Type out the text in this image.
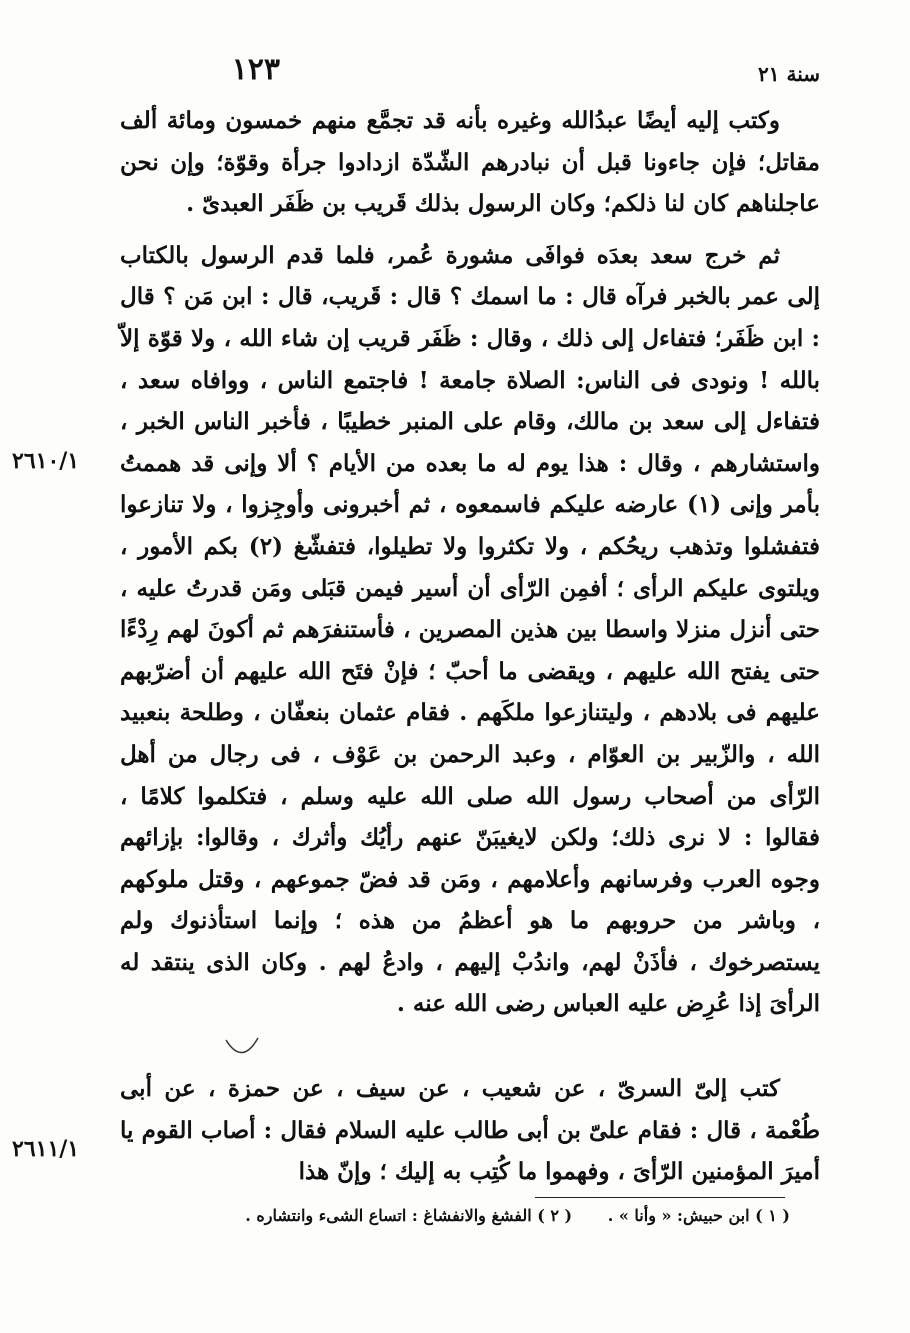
سنة ٢١
١٢٣

وكتب إليه أيضًا عبدُالله وغيره بأنه قد تجمَّع منهم خمسون ومائة ألف مقاتل؛ فإن جاءونا قبل أن نبادرهم الشّدّة ازدادوا جرأة وقوّة؛ وإن نحن عاجلناهم كان لنا ذلكم؛ وكان الرسول بذلك قَريب بن ظَفَر العبدىّ .

ثم خرج سعد بعدَه فوافَى مشورة عُمر، فلما قدم الرسول بالكتاب إلى عمر بالخبر فرآه قال : ما اسمك ؟ قال : قَريب، قال : ابن مَن ؟ قال : ابن ظَفَر؛ فتفاءل إلى ذلك ، وقال : ظَفَر قريب إن شاء الله ، ولا قوّة إلاّ بالله ! ونودى فى الناس: الصلاة جامعة ! فاجتمع الناس ، ووافاه سعد ، فتفاءل إلى سعد بن مالك، وقام على المنبر خطيبًا ، فأخبر الناس الخبر ، واستشارهم ، وقال : هذا يوم له ما بعده من الأيام ؟ ألا وإنى قد هممتُ بأمر وإنى (١) عارضه عليكم فاسمعوه ، ثم أخبرونى وأوجِزوا ، ولا تنازعوا فتفشلوا وتذهب ريحُكم ، ولا تكثروا ولا تطيلوا، فتفشّغ (٢) بكم الأمور ، ويلتوى عليكم الرأى ؛ أفمِن الرّأى أن أسير فيمن قبَلى ومَن قدرتُ عليه ، حتى أنزل منزلا واسطا بين هذين المصرين ، فأستنفرَهم ثم أكونَ لهم رِدْءًا حتى يفتح الله عليهم ، ويقضى ما أحبّ ؛ فإنْ فتَح الله عليهم أن أضرّبهم عليهم فى بلادهم ، وليتنازعوا ملكَهم . فقام عثمان بنعفّان ، وطلحة بنعبيد الله ، والزّبير بن العوّام ، وعبد الرحمن بن عَوْف ، فى رجال من أهل الرّأى من أصحاب رسول الله صلى الله عليه وسلم ، فتكلموا كلامًا ، فقالوا : لا نرى ذلك؛ ولكن لايغيبَنّ عنهم رأيُك وأثرك ، وقالوا: بإزائهم وجوه العرب وفرسانهم وأعلامهم ، ومَن قد فضّ جموعهم ، وقتل ملوكهم ، وباشر من حروبهم ما هو أعظمُ من هذه ؛ وإنما استأذنوك ولم يستصرخوك ، فأذَنْ لهم، واندُبْ إليهم ، وادعُ لهم . وكان الذى ينتقد له الرأىَ إذا عُرِض عليه العباس رضى الله عنه .

كتب إلىّ السرىّ ، عن شعيب ، عن سيف ، عن حمزة ، عن أبى طُعْمة ، قال : فقام علىّ بن أبى طالب عليه السلام فقال : أصاب القوم يا أميرَ المؤمنين الرّأىَ ، وفهموا ما كُتِب به إليك ؛ وإنّ هذا

٢٦١٠/١
٢٦١١/١
( ١ ) ابن حبيش: « وأنا » . ( ٢ ) الفشغ والانفشاغ : اتساع الشىء وانتشاره .
